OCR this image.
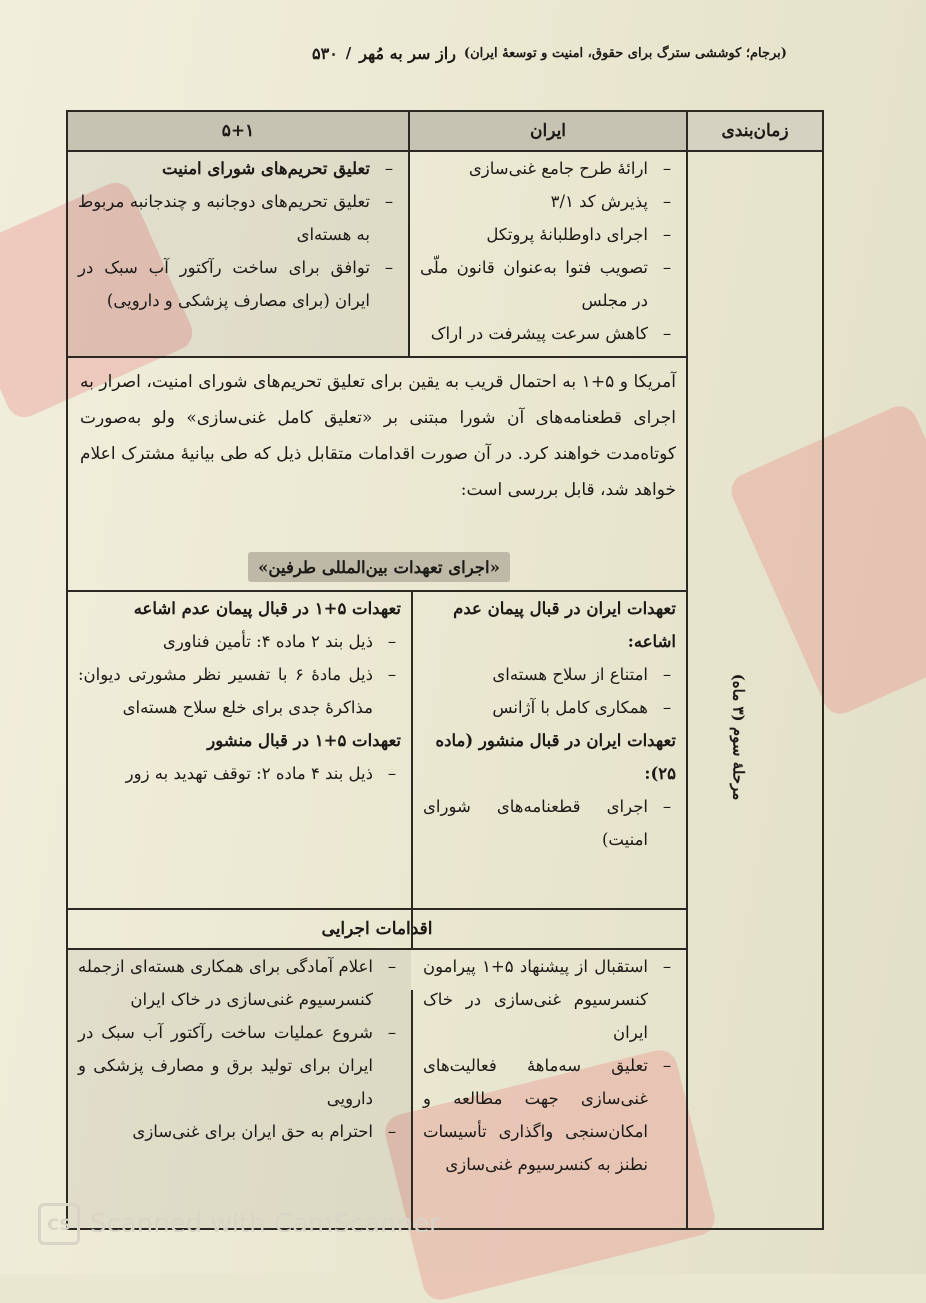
۵۳۰ / راز سر به مُهر (برجام؛ کوششی سترگ برای حقوق، امنیت و توسعهٔ ایران)
۵+۱	ایران	زمان‌بندی
–
تعلیق تحریم‌های شورای امنیت
–
تعلیق تحریم‌های دوجانبه و چندجانبه مربوط به هسته‌ای
–
توافق برای ساخت رآکتور آب سبک در ایران (برای مصارف پزشکی و دارویی)
–
ارائهٔ طرح جامع غنی‌سازی
–
پذیرش کد ۳/۱
–
اجرای داوطلبانهٔ پروتکل
–
تصویب فتوا به‌عنوان قانون ملّی در مجلس
–
کاهش سرعت پیشرفت در اراک
آمریکا و ۵+۱ به احتمال قریب به یقین برای تعلیق تحریم‌های شورای امنیت، اصرار به اجرای قطعنامه‌های آن شورا مبتنی بر «تعلیق کامل غنی‌سازی» ولو به‌صورت کوتاه‌مدت خواهند کرد. در آن صورت اقدامات متقابل ذیل که طی بیانیهٔ مشترک اعلام خواهد شد، قابل بررسی است:
«اجرای تعهدات بین‌المللی طرفین»
تعهدات ۵+۱ در قبال پیمان عدم اشاعه
–
ذیل بند ۲ ماده ۴: تأمین فناوری
–
ذیل مادهٔ ۶ با تفسیر نظر مشورتی دیوان: مذاکرهٔ جدی برای خلع سلاح هسته‌ای
تعهدات ۵+۱ در قبال منشور
–
ذیل بند ۴ ماده ۲: توقف تهدید به زور
تعهدات ایران در قبال پیمان عدم اشاعه:
–
امتناع از سلاح هسته‌ای
–
همکاری کامل با آژانس
تعهدات ایران در قبال منشور (ماده ۲۵):
–
اجرای قطعنامه‌های شورای امنیت)
اقدامات اجرایی
–
اعلام آمادگی برای همکاری هسته‌ای ازجمله کنسرسیوم غنی‌سازی در خاک ایران
–
شروع عملیات ساخت رآکتور آب سبک در ایران برای تولید برق و مصارف پزشکی و دارویی
–
احترام به حق ایران برای غنی‌سازی
–
استقبال از پیشنهاد ۵+۱ پیرامون کنسرسیوم غنی‌سازی در خاک ایران
–
تعلیق سه‌ماههٔ فعالیت‌های غنی‌سازی جهت مطالعه و امکان‌سنجی واگذاری تأسیسات نطنز به کنسرسیوم غنی‌سازی
مرحلهٔ سوم (۳ ماه)
CS Scanned with CamScanner
